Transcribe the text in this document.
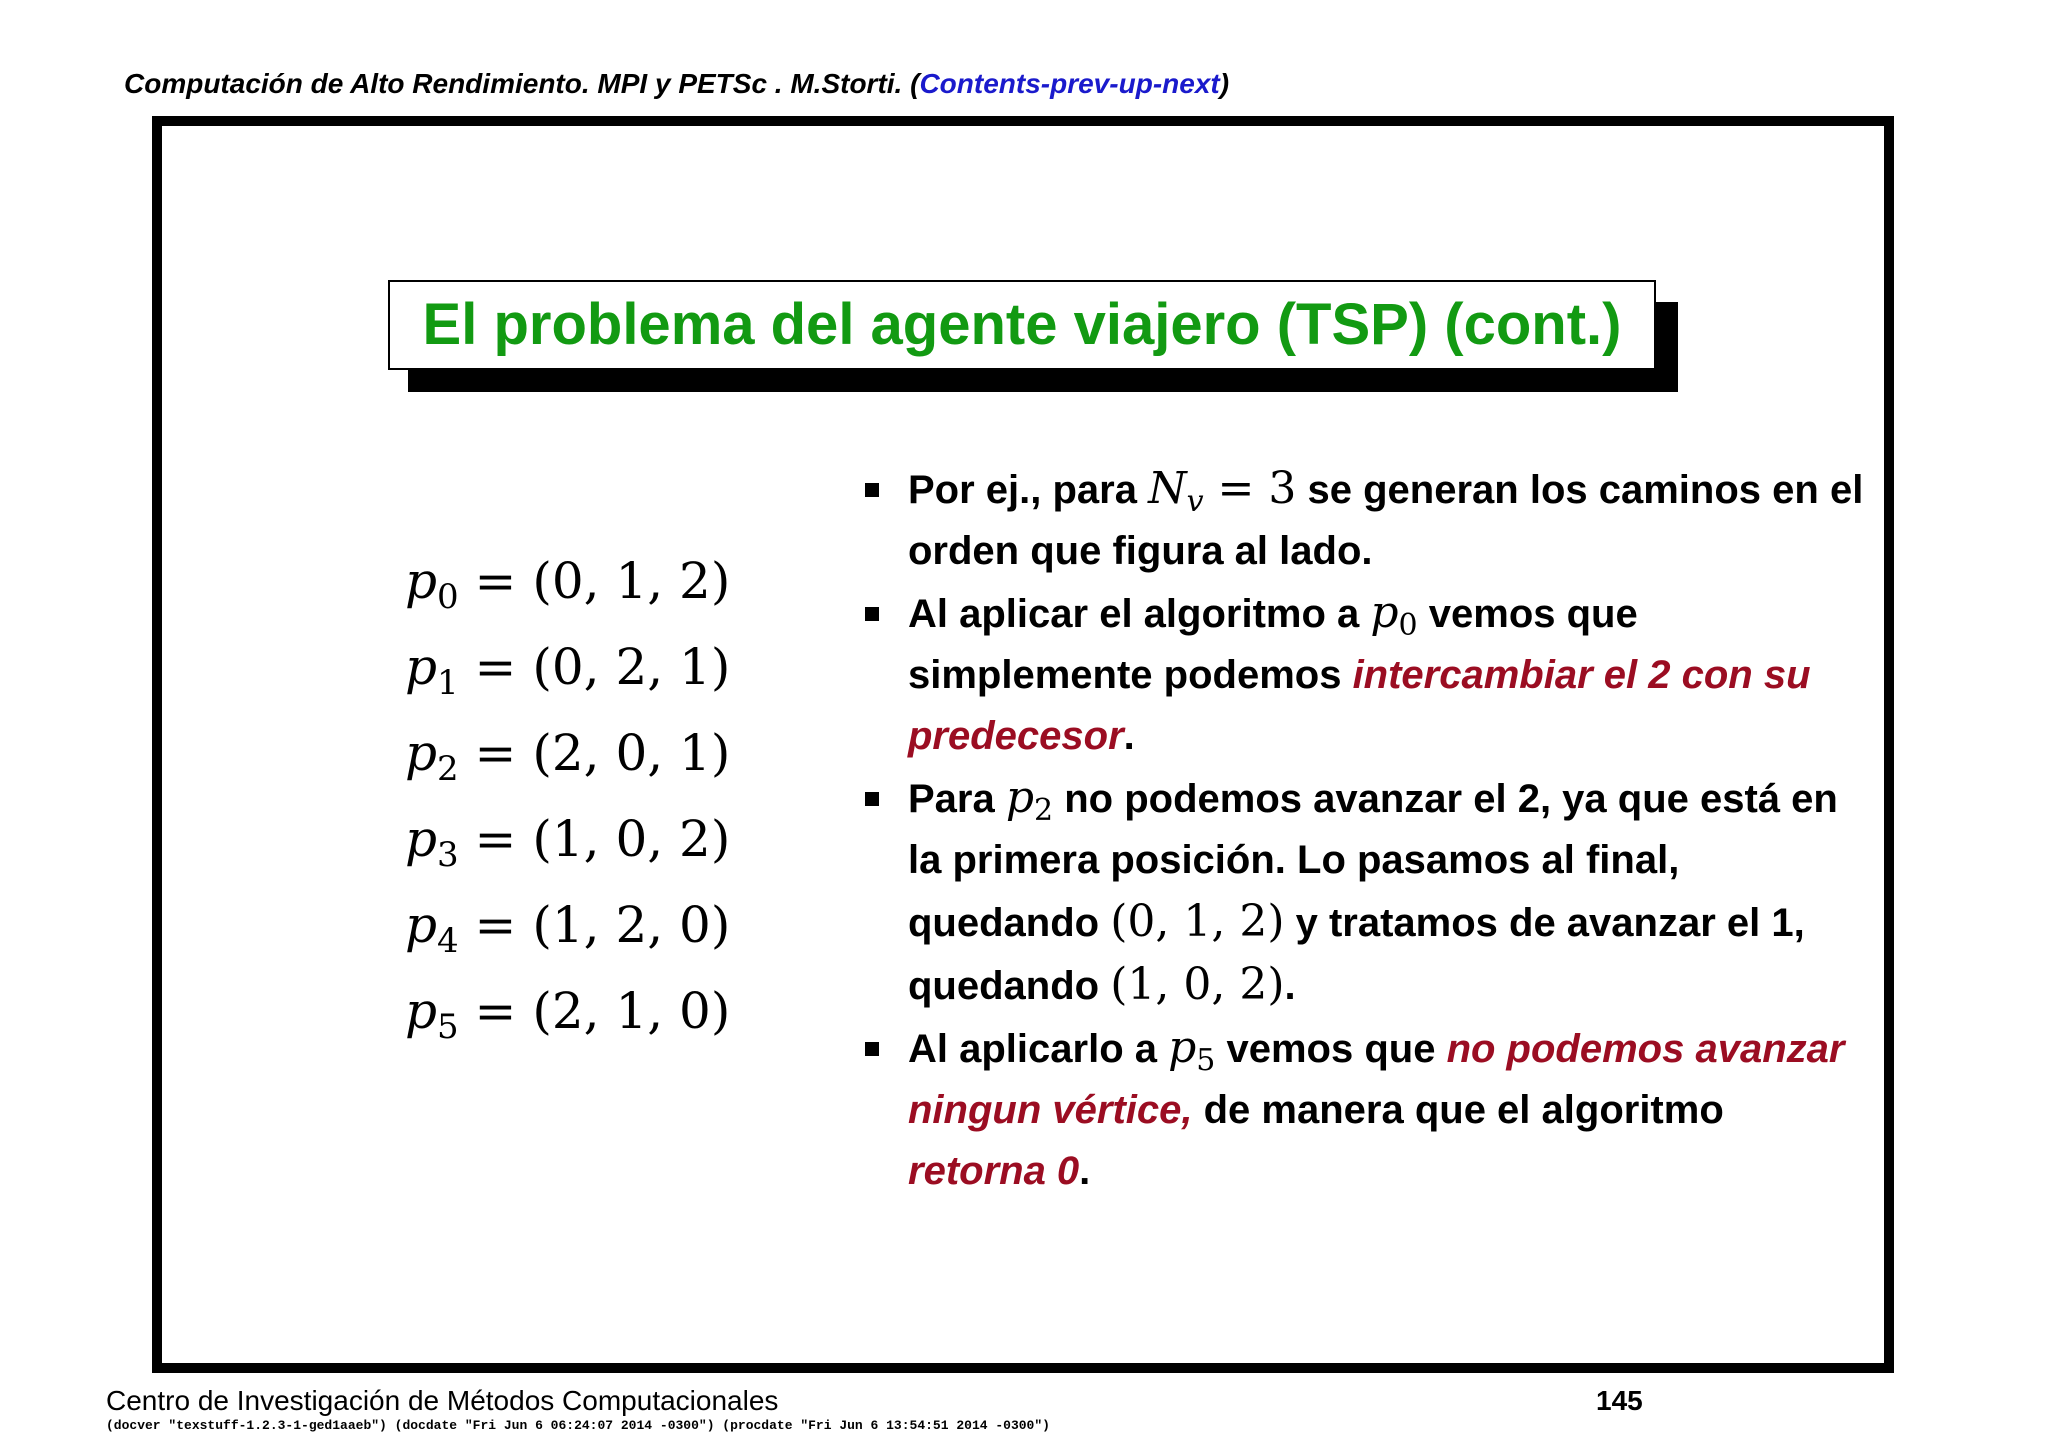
Computación de Alto Rendimiento. MPI y PETSc . M.Storti. (Contents-prev-up-next)
El problema del agente viajero (TSP) (cont.)
$p_0 = (0$, 1, 2)
$p_1 = (0$, 2, 1)
$p_2 = (2$, 0, 1)
$p_3 = (1$, 0, 2)
$p_4 = (1$, 2, 0)
$p_5 = (2$, 1, 0)
Por ej., para $N_v = 3$ se generan los caminos en el orden que figura al lado.
Al aplicar el algoritmo a $p_0$ vemos que simplemente podemos intercambiar el 2 con su predecesor.
Para $p_2$ no podemos avanzar el 2, ya que está en la primera posición. Lo pasamos al final, quedando (0, 1, 2) y tratamos de avanzar el 1, quedando (1, 0, 2).
Al aplicarlo a $p_5$ vemos que no podemos avanzar ningun vértice, de manera que el algoritmo retorna 0.
Centro de Investigación de Métodos Computacionales	145
(docver "texstuff-1.2.3-1-ged1aaeb") (docdate "Fri Jun 6 06:24:07 2014 -0300") (procdate "Fri Jun 6 13:54:51 2014 -0300")
